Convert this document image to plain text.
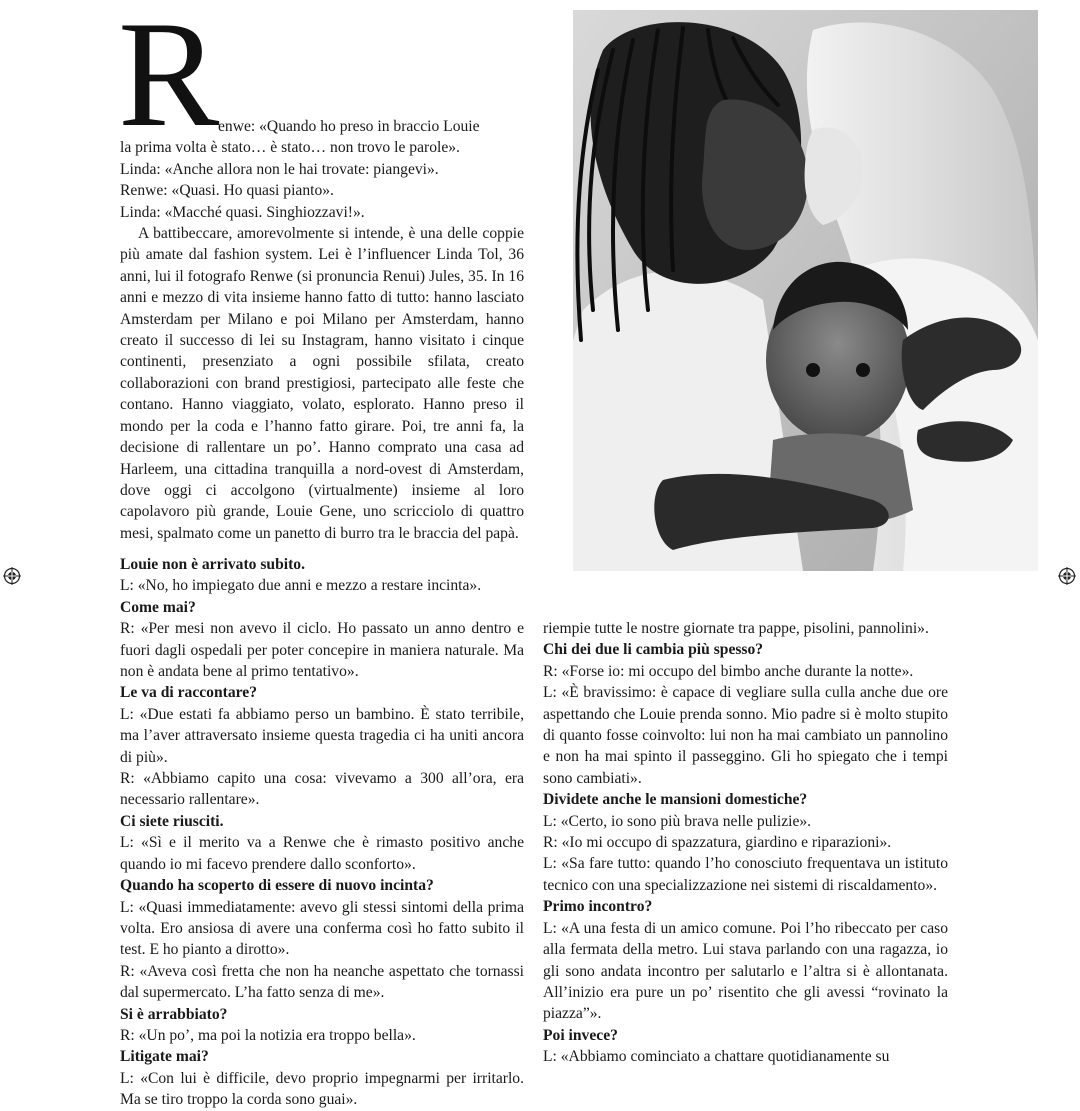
R enwe: «Quando ho preso in braccio Louie

la prima volta è stato… è stato… non trovo le parole».

Linda: «Anche allora non le hai trovate: piangevi».

Renwe: «Quasi. Ho quasi pianto».

Linda: «Macché quasi. Singhiozzavi!».

A battibeccare, amorevolmente si intende, è una delle coppie più amate dal fashion system. Lei è l’influencer Linda Tol, 36 anni, lui il fotografo Renwe (si pronuncia Renui) Jules, 35. In 16 anni e mezzo di vita insieme hanno fatto di tutto: hanno lasciato Amsterdam per Milano e poi Milano per Amsterdam, hanno creato il successo di lei su Instagram, hanno visitato i cinque continenti, presenziato a ogni possibile sfilata, creato collaborazioni con brand prestigiosi, partecipato alle feste che contano. Hanno viaggiato, volato, esplorato. Hanno preso il mondo per la coda e l’hanno fatto girare. Poi, tre anni fa, la decisione di rallentare un po’. Hanno comprato una casa ad Harleem, una cittadina tranquilla a nord-ovest di Amsterdam, dove oggi ci accolgono (virtualmente) insieme al loro capolavoro più grande, Louie Gene, uno scricciolo di quattro mesi, spalmato come un panetto di burro tra le braccia del papà.

Louie non è arrivato subito.

L: «No, ho impiegato due anni e mezzo a restare incinta».

Come mai?

R: «Per mesi non avevo il ciclo. Ho passato un anno dentro e fuori dagli ospedali per poter concepire in maniera naturale. Ma non è andata bene al primo tentativo».

Le va di raccontare?

L: «Due estati fa abbiamo perso un bambino. È stato terribile, ma l’aver attraversato insieme questa tragedia ci ha uniti ancora di più».

R: «Abbiamo capito una cosa: vivevamo a 300 all’ora, era necessario rallentare».

Ci siete riusciti.

L: «Sì e il merito va a Renwe che è rimasto positivo anche quando io mi facevo prendere dallo sconforto».

Quando ha scoperto di essere di nuovo incinta?

L: «Quasi immediatamente: avevo gli stessi sintomi della prima volta. Ero ansiosa di avere una conferma così ho fatto subito il test. E ho pianto a dirotto».

R: «Aveva così fretta che non ha neanche aspettato che tornassi dal supermercato. L’ha fatto senza di me».

Si è arrabbiato?

R: «Un po’, ma poi la notizia era troppo bella».

Litigate mai?

L: «Con lui è difficile, devo proprio impegnarmi per irritarlo. Ma se tiro troppo la corda sono guai».

riempie tutte le nostre giornate tra pappe, pisolini, pannolini».

Chi dei due li cambia più spesso?

R: «Forse io: mi occupo del bimbo anche durante la notte».

L: «È bravissimo: è capace di vegliare sulla culla anche due ore aspettando che Louie prenda sonno. Mio padre si è molto stupito di quanto fosse coinvolto: lui non ha mai cambiato un pannolino e non ha mai spinto il passeggino. Gli ho spiegato che i tempi sono cambiati».

Dividete anche le mansioni domestiche?

L: «Certo, io sono più brava nelle pulizie».

R: «Io mi occupo di spazzatura, giardino e riparazioni».

L: «Sa fare tutto: quando l’ho conosciuto frequentava un istituto tecnico con una specializzazione nei sistemi di riscaldamento».

Primo incontro?

L: «A una festa di un amico comune. Poi l’ho ribeccato per caso alla fermata della metro. Lui stava parlando con una ragazza, io gli sono andata incontro per salutarlo e l’altra si è allontanata. All’inizio era pure un po’ risentito che gli avessi “rovinato la piazza”».

Poi invece?

L: «Abbiamo cominciato a chattare quotidianamente su
